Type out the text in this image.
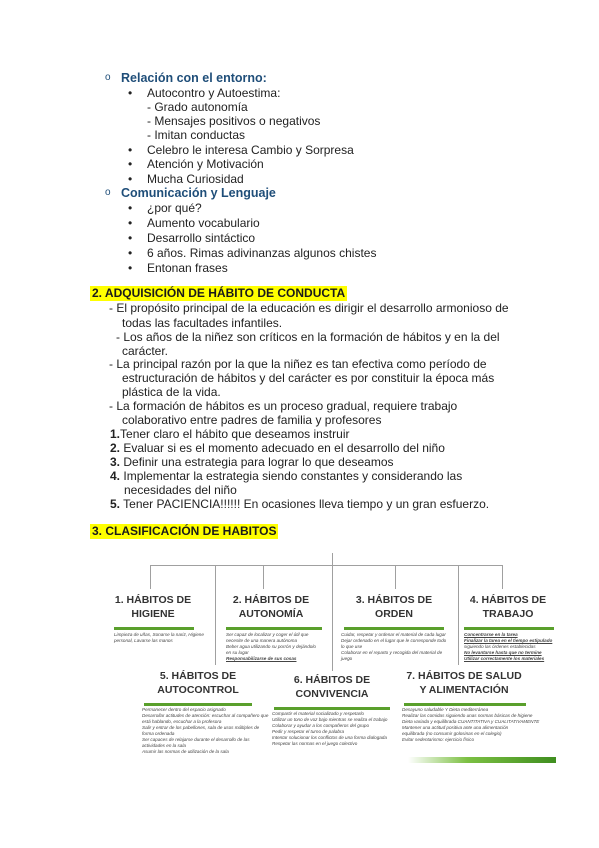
o Relación con el entorno:
• Autocontro y Autoestima:
- Grado autonomía
- Mensajes positivos o negativos
- Imitan conductas
• Celebro le interesa Cambio y Sorpresa
• Atención y Motivación
• Mucha Curiosidad
o Comunicación y Lenguaje
• ¿por qué?
• Aumento vocabulario
• Desarrollo sintáctico
• 6 años. Rimas adivinanzas algunos chistes
• Entonan frases
2. ADQUISICIÓN DE HÁBITO DE CONDUCTA
- El propósito principal de la educación es dirigir el desarrollo armonioso de
todas las facultades infantiles.
- Los años de la niñez son críticos en la formación de hábitos y en la del
carácter.
- La principal razón por la que la niñez es tan efectiva como período de
estructuración de hábitos y del carácter es por constituir la época más
plástica de la vida.
- La formación de hábitos es un proceso gradual, requiere trabajo
colaborativo entre padres de familia y profesores
1.Tener claro el hábito que deseamos instruir
2. Evaluar si es el momento adecuado en el desarrollo del niño
3. Definir una estrategia para lograr lo que deseamos
4. Implementar la estrategia siendo constantes y considerando las
necesidades del niño
5. Tener PACIENCIA!!!!!! En ocasiones lleva tiempo y un gran esfuerzo.
3. CLASIFICACIÓN DE HABITOS
1. HÁBITOS DE
HIGIENE
Limpieza de uñas, Sonarse la nariz, Higiene
personal, Lavarse las manos
2. HÁBITOS DE
AUTONOMÍA
Ser capaz de localizar y coger el útil que
necesite de una manera autónoma
Beber agua utilizando su porrón y dejándolo
en su lugar
Responsabilizarse de sus cosas
3. HÁBITOS DE
ORDEN
Cuidar, respetar y ordenar el material de cada lugar
Dejar ordenado en el lugar que le corresponde todo
lo que use
Colaborar en el reparto y recogida del material de
juego
4. HÁBITOS DE
TRABAJO
Concentrarse en la tarea
Finalizar la tarea en el tiempo estipulado
siguiendo las órdenes establecidas
No levantarse hasta que no termine
Utilizar correctamente los materiales
5. HÁBITOS DE
AUTOCONTROL
Permanecer dentro del espacio asignado
Desarrollar actitudes de atención: escuchar al compañero que
está hablando, escuchar a la profesora
Salir y entrar de los pabellones, sala de usos múltiples de
forma ordenada
Ser capaces de relajarse durante el desarrollo de las
actividades en la sala
Asumir las normas de utilización de la sala
6. HÁBITOS DE
CONVIVENCIA
Compartir el material socializado y respetarlo
Utilizar un tono de voz bajo mientras se realiza el trabajo
Colaborar y ayudar a los compañeros del grupo
Pedir y respetar el turno de palabra
Intentar solucionar los conflictos de una forma dialogada
Respetar las normas en el juego colectivo
7. HÁBITOS DE SALUD
Y ALIMENTACIÓN
Desayuno saludable Y Dieta mediterránea
Realizar las comidas siguiendo unas normas básicas de higiene
Dieta variada y equilibrada CUANTITATIVA y CUALITATIVAMENTE
Mantener una actitud positiva ante una alimentación
equilibrada (no consumir golosinas en el colegio)
Evitar sedentarismo: ejercicio físico
